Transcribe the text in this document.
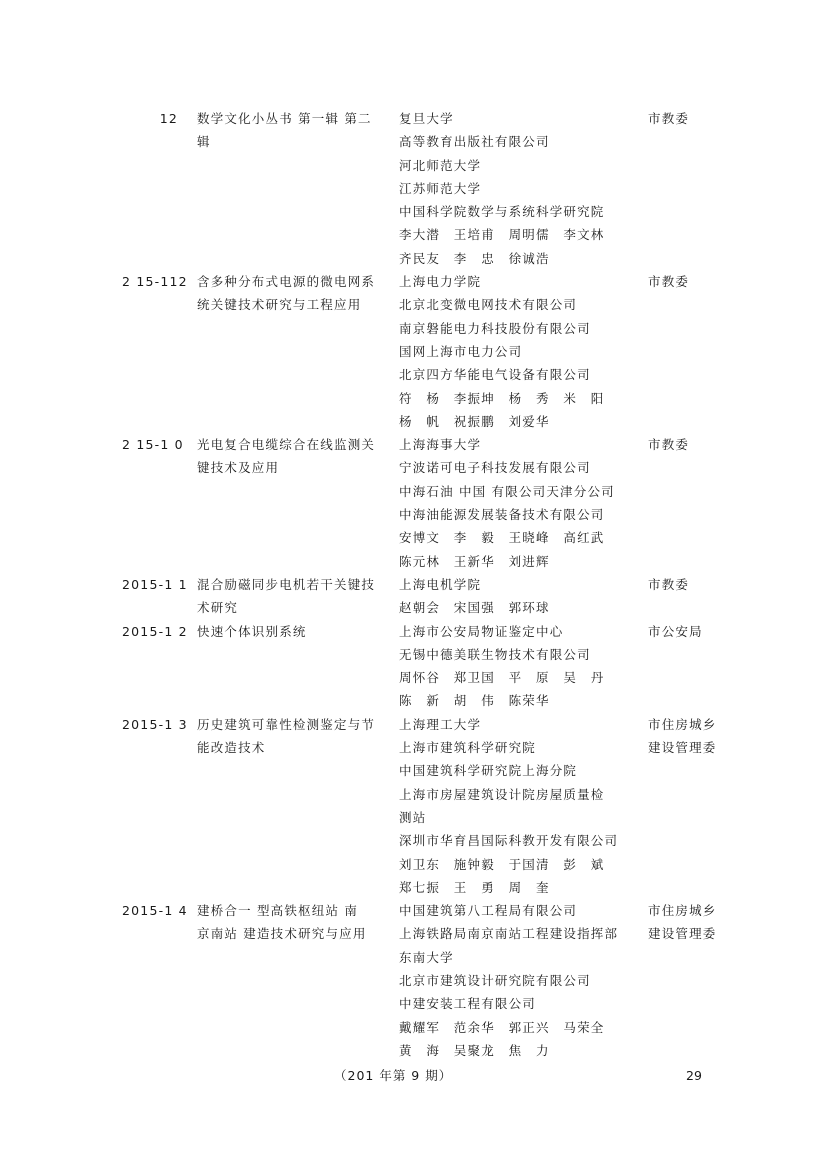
12 数学文化小丛书 第一辑 第二
辑
复旦大学
高等教育出版社有限公司
河北师范大学
江苏师范大学
中国科学院数学与系统科学研究院
李大潜　王培甫　周明儒　李文林
齐民友　李　忠　徐诚浩
市教委
2 15-112 含多种分布式电源的微电网系
统关键技术研究与工程应用
上海电力学院
北京北变微电网技术有限公司
南京磐能电力科技股份有限公司
国网上海市电力公司
北京四方华能电气设备有限公司
符　杨　李振坤　杨　秀　米　阳
杨　帆　祝振鹏　刘爱华
市教委
2 15-1 0 光电复合电缆综合在线监测关
键技术及应用
上海海事大学
宁波诺可电子科技发展有限公司
中海石油 中国 有限公司天津分公司
中海油能源发展装备技术有限公司
安博文　李　毅　王晓峰　高红武
陈元林　王新华　刘进辉
市教委
2015-1 1 混合励磁同步电机若干关键技
术研究
上海电机学院
赵朝会　宋国强　郭环球
市教委
2015-1 2 快速个体识别系统	上海市公安局物证鉴定中心
无锡中德美联生物技术有限公司
周怀谷　郑卫国　平　原　吴　丹
陈　新　胡　伟　陈荣华
市公安局
2015-1 3 历史建筑可靠性检测鉴定与节
能改造技术
上海理工大学
上海市建筑科学研究院
中国建筑科学研究院上海分院
上海市房屋建筑设计院房屋质量检
测站
深圳市华育昌国际科教开发有限公司
刘卫东　施钟毅　于国清　彭　斌
郑七振　王　勇　周　奎
市住房城乡
建设管理委
2015-1 4 建桥合一 型高铁枢纽站 南
京南站 建造技术研究与应用
中国建筑第八工程局有限公司
上海铁路局南京南站工程建设指挥部
东南大学
北京市建筑设计研究院有限公司
中建安装工程有限公司
戴耀军　范余华　郭正兴　马荣全
黄　海　吴聚龙　焦　力
市住房城乡
建设管理委
（201 年第 9 期）	29
